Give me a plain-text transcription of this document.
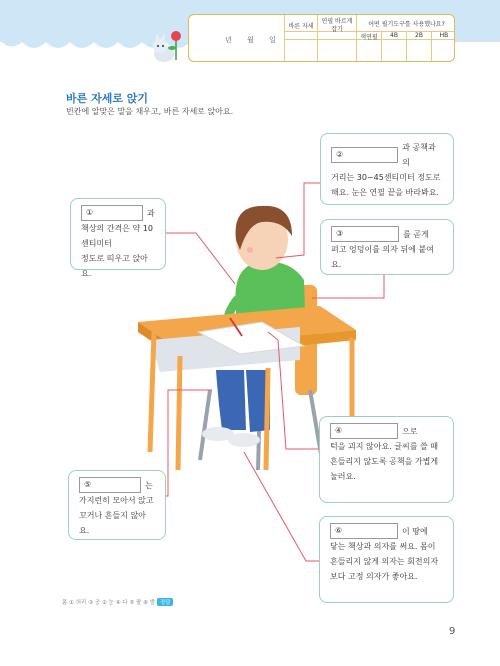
년 월 일
바른 자세
연필 바르게 잡기
어떤 필기도구를 사용했나요?
색연필	4B	2B	HB
바른 자세로 앉기
빈칸에 알맞은 말을 채우고, 바른 자세로 앉아요.
①	과
책상의 간격은 약 10센티미터
정도로 띄우고 앉아요.
②
과 공책과의
거리는 30~45센티미터 정도로
해요. 눈은 연필 끝을 바라봐요.
③	를 곧게
펴고 엉덩이를 의자 뒤에 붙여요.
④	으로
턱을 괴지 않아요. 글씨를 쓸 때
흔들리지 않도록 공책을 가볍게
눌러요.
⑤	는
가지런히 모아서 앉고
꼬거나 흔들지 않아요.	⑥	이 땅에
닿는 책상과 의자를 써요. 몸이
흔들리지 않게 의자는 회전의자
보다 고정 의자가 좋아요.
몸 ① 허리 ③ 공 ② 눈 ④ 다 ⑤ 팔 ⑥ 발 정답
9
